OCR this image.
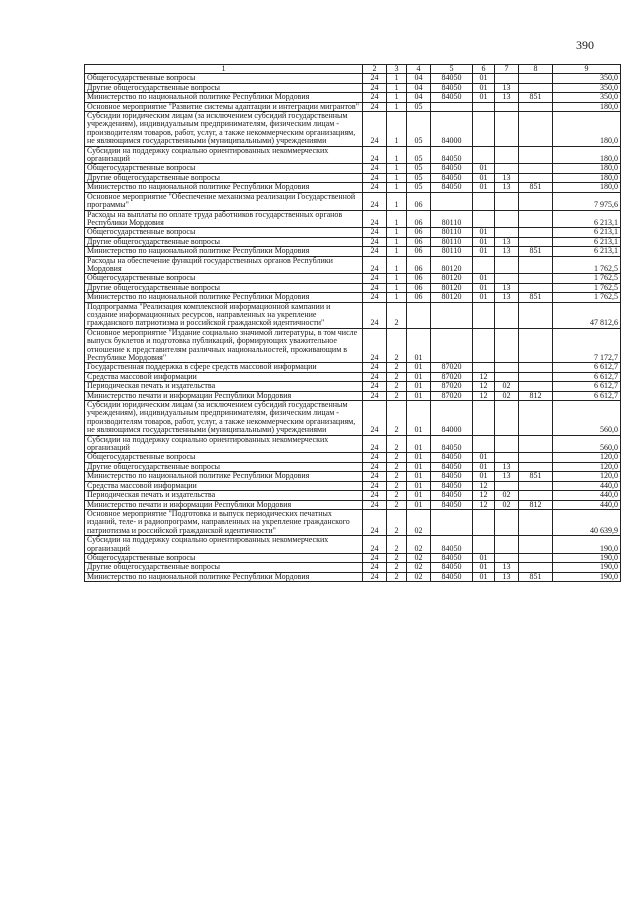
390
1	2	3	4	5	6	7	8	9
Общегосударственные вопросы	24	1	04	84050	01			350,0
Другие общегосударственные вопросы	24	1	04	84050	01	13		350,0
Министерство по национальной политике Республики Мордовия	24	1	04	84050	01	13	851	350,0
Основное мероприятие "Развитие системы адаптации и интеграции мигрантов"	24	1	05					180,0
Субсидии юридическим лицам (за исключением субсидий государственным учреждениям), индивидуальным предпринимателям, физическим лицам - производителям товаров, работ, услуг, а также некоммерческим организациям, не являющимся государственными (муниципальными) учреждениями	24	1	05	84000				180,0
Субсидии на поддержку социально ориентированных некоммерческих организаций	24	1	05	84050				180,0
Общегосударственные вопросы	24	1	05	84050	01			180,0
Другие общегосударственные вопросы	24	1	05	84050	01	13		180,0
Министерство по национальной политике Республики Мордовия	24	1	05	84050	01	13	851	180,0
Основное мероприятие "Обеспечение механизма реализации Государственной программы"	24	1	06					7 975,6
Расходы на выплаты по оплате труда работников государственных органов Республики Мордовия	24	1	06	80110				6 213,1
Общегосударственные вопросы	24	1	06	80110	01			6 213,1
Другие общегосударственные вопросы	24	1	06	80110	01	13		6 213,1
Министерство по национальной политике Республики Мордовия	24	1	06	80110	01	13	851	6 213,1
Расходы на обеспечение функций государственных органов Республики Мордовия	24	1	06	80120				1 762,5
Общегосударственные вопросы	24	1	06	80120	01			1 762,5
Другие общегосударственные вопросы	24	1	06	80120	01	13		1 762,5
Министерство по национальной политике Республики Мордовия	24	1	06	80120	01	13	851	1 762,5
Подпрограмма "Реализация комплексной информационной кампании и создание информационных ресурсов, направленных на укрепление гражданского патриотизма и российской гражданской идентичности"	24	2						47 812,6
Основное мероприятие "Издание социально значимой литературы, в том числе выпуск буклетов и подготовка публикаций, формирующих уважительное отношение к представителям различных национальностей, проживающим в Республике Мордовия"	24	2	01					7 172,7
Государственная поддержка в сфере средств массовой информации	24	2	01	87020				6 612,7
Средства массовой информации	24	2	01	87020	12			6 612,7
Периодическая печать и издательства	24	2	01	87020	12	02		6 612,7
Министерство печати и информации Республики Мордовия	24	2	01	87020	12	02	812	6 612,7
Субсидии юридическим лицам (за исключением субсидий государственным учреждениям), индивидуальным предпринимателям, физическим лицам - производителям товаров, работ, услуг, а также некоммерческим организациям, не являющимся государственными (муниципальными) учреждениями	24	2	01	84000				560,0
Субсидии на поддержку социально ориентированных некоммерческих организаций	24	2	01	84050				560,0
Общегосударственные вопросы	24	2	01	84050	01			120,0
Другие общегосударственные вопросы	24	2	01	84050	01	13		120,0
Министерство по национальной политике Республики Мордовия	24	2	01	84050	01	13	851	120,0
Средства массовой информации	24	2	01	84050	12			440,0
Периодическая печать и издательства	24	2	01	84050	12	02		440,0
Министерство печати и информации Республики Мордовия	24	2	01	84050	12	02	812	440,0
Основное мероприятие "Подготовка и выпуск периодических печатных изданий, теле- и радиопрограмм, направленных на укрепление гражданского патриотизма и российской гражданской идентичности"	24	2	02					40 639,9
Субсидии на поддержку социально ориентированных некоммерческих организаций	24	2	02	84050				190,0
Общегосударственные вопросы	24	2	02	84050	01			190,0
Другие общегосударственные вопросы	24	2	02	84050	01	13		190,0
Министерство по национальной политике Республики Мордовия	24	2	02	84050	01	13	851	190,0
